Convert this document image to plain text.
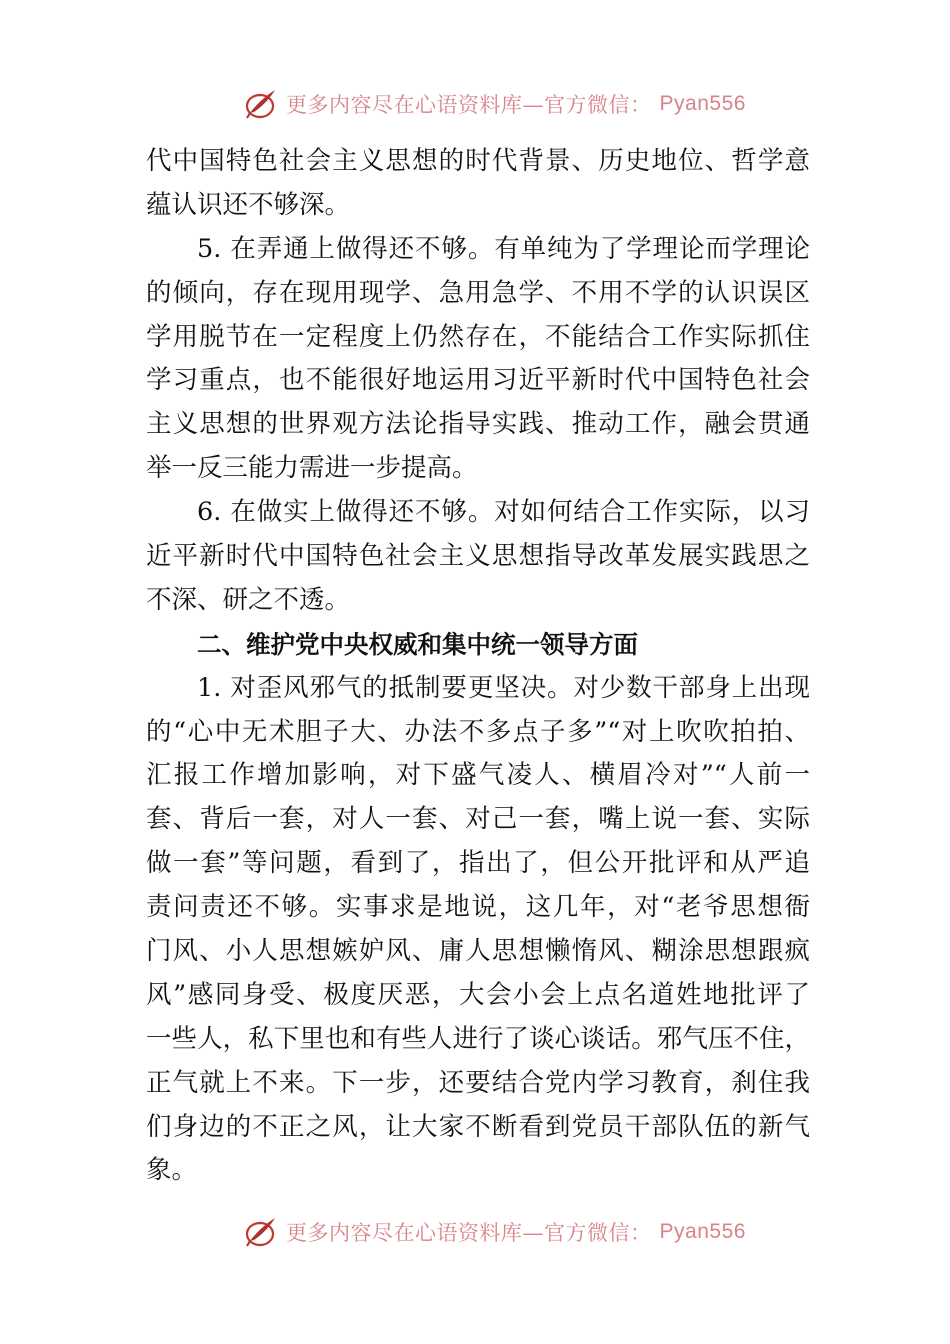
更多内容尽在心语资料库—官方微信： Pyan556
代中国特色社会主义思想的时代背景、历史地位、哲学意
蕴认识还不够深。
5. 在弄通上做得还不够。有单纯为了学理论而学理论
的倾向，存在现用现学、急用急学、不用不学的认识误区
学用脱节在一定程度上仍然存在，不能结合工作实际抓住
学习重点，也不能很好地运用习近平新时代中国特色社会
主义思想的世界观方法论指导实践、推动工作，融会贯通
举一反三能力需进一步提高。
6. 在做实上做得还不够。对如何结合工作实际，以习
近平新时代中国特色社会主义思想指导改革发展实践思之
不深、研之不透。
二、维护党中央权威和集中统一领导方面
1. 对歪风邪气的抵制要更坚决。对少数干部身上出现
的“心中无术胆子大、办法不多点子多”“对上吹吹拍拍、
汇报工作增加影响，对下盛气凌人、横眉冷对”“人前一
套、背后一套，对人一套、对己一套，嘴上说一套、实际
做一套”等问题，看到了，指出了，但公开批评和从严追
责问责还不够。实事求是地说，这几年，对“老爷思想衙
门风、小人思想嫉妒风、庸人思想懒惰风、糊涂思想跟疯
风”感同身受、极度厌恶，大会小会上点名道姓地批评了
一些人，私下里也和有些人进行了谈心谈话。邪气压不住，
正气就上不来。下一步，还要结合党内学习教育，刹住我
们身边的不正之风，让大家不断看到党员干部队伍的新气
象。
更多内容尽在心语资料库—官方微信： Pyan556
